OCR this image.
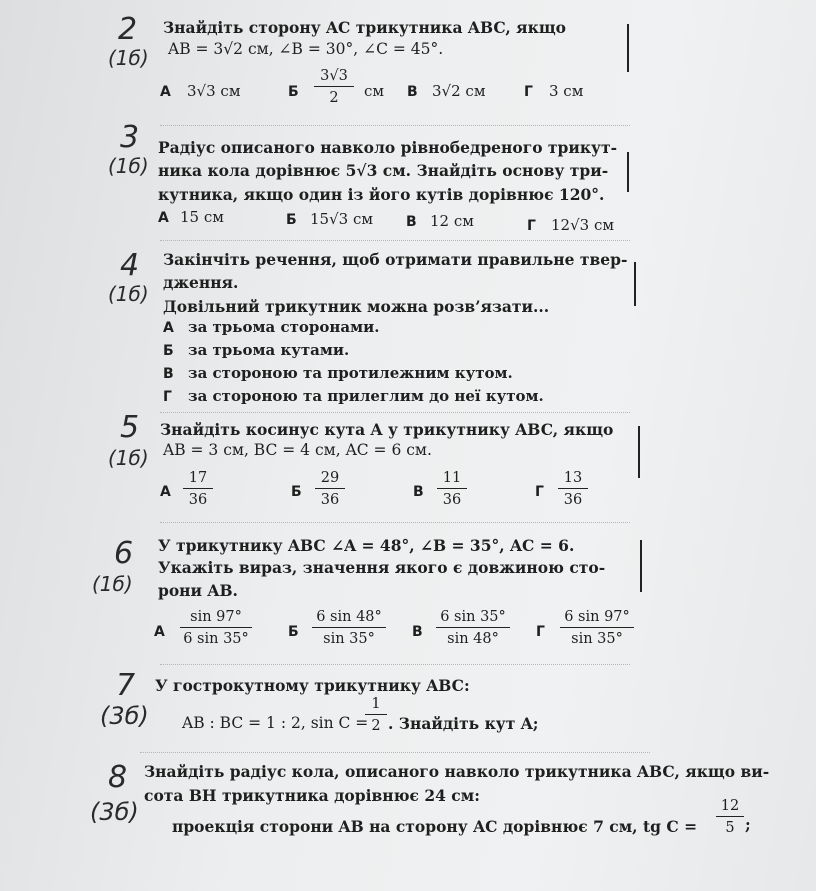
2
(1б)
Знайдіть сторону AC трикутника ABC, якщо
AB = 3√2 см, ∠B = 30°, ∠C = 45°.
А 3√3 см	Б $\frac{3√3}{2}$ см В 3√2 см	Г 3 см
3
(1б)
Радіус описаного навколо рівнобедреного трикут-
ника кола дорівнює 5√3 см. Знайдіть основу три-
кутника, якщо один із його кутів дорівнює 120°.
А 15 см	Б 15√3 см В 12 см	Г 12√3 см
4
(1б)
Закінчіть речення, щоб отримати правильне твер-
дження.
Довільний трикутник можна розв’язати...
А за трьома сторонами.
Б за трьома кутами.
В за стороною та протилежним кутом.
Г за стороною та прилеглим до неї кутом.
5
(1б)
Знайдіть косинус кута A у трикутнику ABC, якщо
AB = 3 см, BC = 4 см, AC = 6 см.
А $\frac{17}{36}$	Б $\frac{29}{36}$	В $\frac{11}{36}$	Г $\frac{13}{36}$
6
(1б)
У трикутнику ABC ∠A = 48°, ∠B = 35°, AC = 6.
Укажіть вираз, значення якого є довжиною сто-
рони AB.
А $\frac{\sin 97^\circ}{6 \sin 35^\circ}$	Б $\frac{6 \sin 48^\circ}{\sin 35^\circ}$ В $\frac{6 \sin 35^\circ}{\sin 48^\circ}$ Г $\frac{6 \sin 97^\circ}{\sin 35^\circ}$
7
(3б)
У гострокутному трикутнику ABC:
AB : BC = 1 : 2, sin C =
$\frac{1}{2}$ . Знайдіть кут A;
8
(3б)
Знайдіть радіус кола, описаного навколо трикутника ABC, якщо ви-
сота BH трикутника дорівнює 24 см:
проекція сторони AB на сторону AC дорівнює 7 см, tg $C = \frac{12}{5}$ ;
